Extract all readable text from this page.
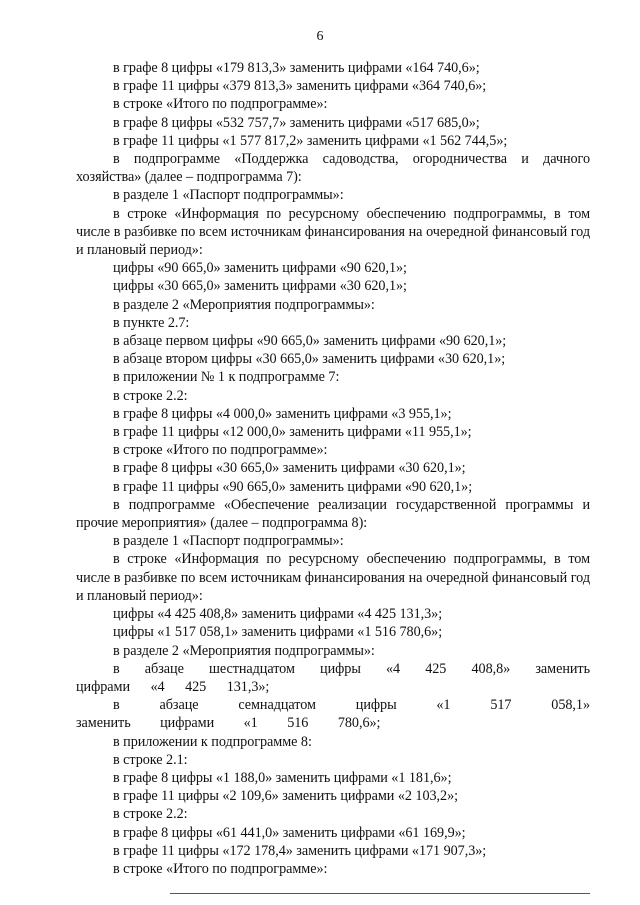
6

в графе 8 цифры «179 813,3» заменить цифрами «164 740,6»;

в графе 11 цифры «379 813,3» заменить цифрами «364 740,6»;

в строке «Итого по подпрограмме»:

в графе 8 цифры «532 757,7» заменить цифрами «517 685,0»;

в графе 11 цифры «1 577 817,2» заменить цифрами «1 562 744,5»;

в подпрограмме «Поддержка садоводства, огородничества и дачного хозяйства» (далее – подпрограмма 7):

в разделе 1 «Паспорт подпрограммы»:

в строке «Информация по ресурсному обеспечению подпрограммы, в том числе в разбивке по всем источникам финансирования на очередной финансовый год и плановый период»:

цифры «90 665,0» заменить цифрами «90 620,1»;

цифры «30 665,0» заменить цифрами «30 620,1»;

в разделе 2 «Мероприятия подпрограммы»:

в пункте 2.7:

в абзаце первом цифры «90 665,0» заменить цифрами «90 620,1»;

в абзаце втором цифры «30 665,0» заменить цифрами «30 620,1»;

в приложении № 1 к подпрограмме 7:

в строке 2.2:

в графе 8 цифры «4 000,0» заменить цифрами «3 955,1»;

в графе 11 цифры «12 000,0» заменить цифрами «11 955,1»;

в строке «Итого по подпрограмме»:

в графе 8 цифры «30 665,0» заменить цифрами «30 620,1»;

в графе 11 цифры «90 665,0» заменить цифрами «90 620,1»;

в подпрограмме «Обеспечение реализации государственной программы и прочие мероприятия» (далее – подпрограмма 8):

в разделе 1 «Паспорт подпрограммы»:

в строке «Информация по ресурсному обеспечению подпрограммы, в том числе в разбивке по всем источникам финансирования на очередной финансовый год и плановый период»:

цифры «4 425 408,8» заменить цифрами «4 425 131,3»;

цифры «1 517 058,1» заменить цифрами «1 516 780,6»;

в разделе 2 «Мероприятия подпрограммы»:

в абзаце шестнадцатом цифры «4 425 408,8» заменить цифрами «4 425 131,3»;

в абзаце семнадцатом цифры «1 517 058,1» заменить цифрами «1 516 780,6»;

в приложении к подпрограмме 8:

в строке 2.1:

в графе 8 цифры «1 188,0» заменить цифрами «1 181,6»;

в графе 11 цифры «2 109,6» заменить цифрами «2 103,2»;

в строке 2.2:

в графе 8 цифры «61 441,0» заменить цифрами «61 169,9»;

в графе 11 цифры «172 178,4» заменить цифрами «171 907,3»;

в строке «Итого по подпрограмме»:
